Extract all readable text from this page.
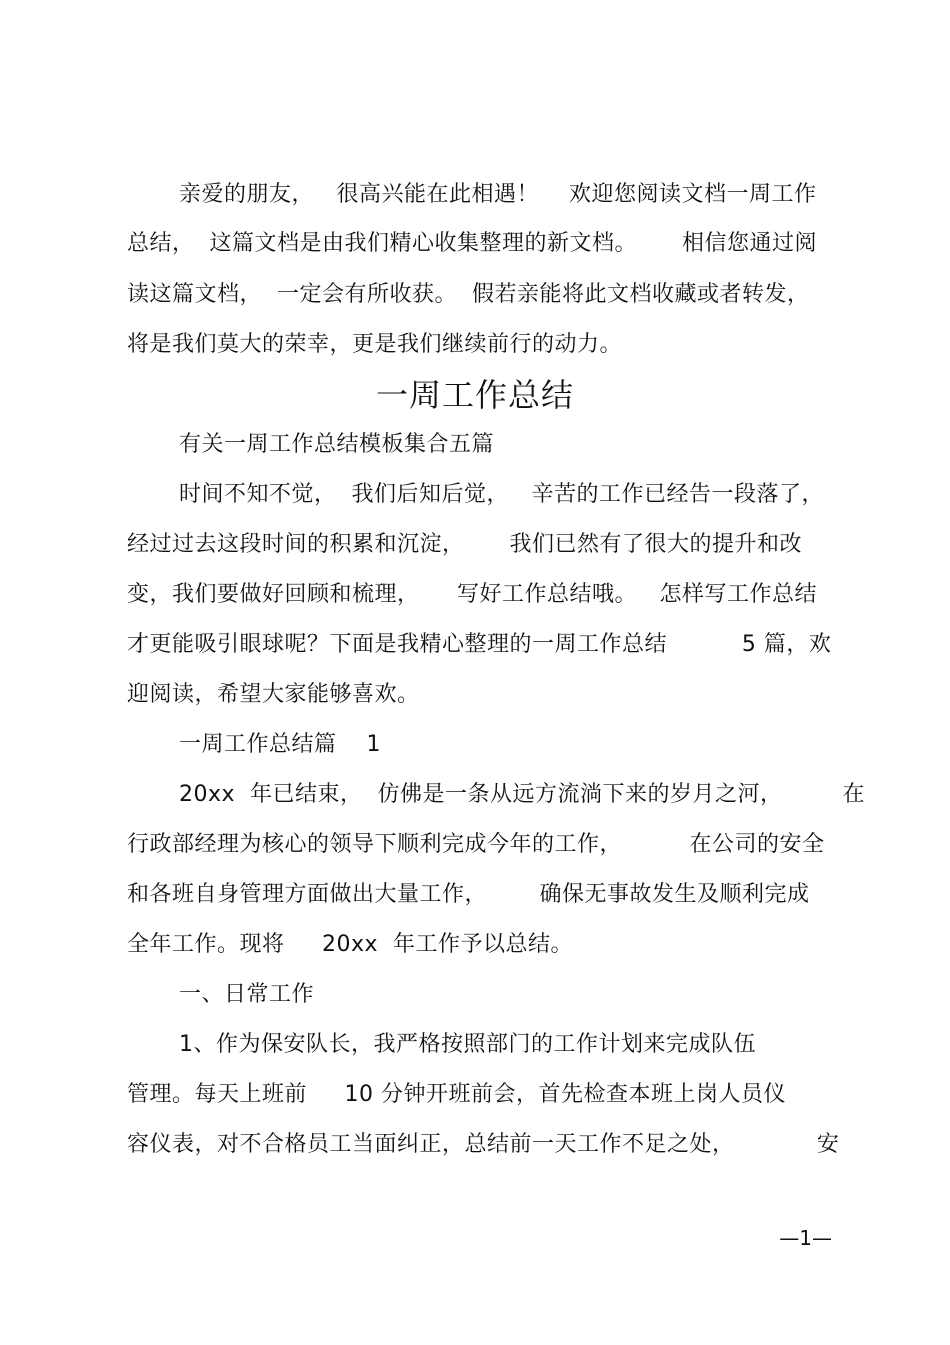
亲爱的朋友，   很高兴能在此相遇！    欢迎您阅读文档一周工作
总结，  这篇文档是由我们精心收集整理的新文档。      相信您通过阅
读这篇文档，  一定会有所收获。  假若亲能将此文档收藏或者转发，
将是我们莫大的荣幸，更是我们继续前行的动力。
一周工作总结
有关一周工作总结模板集合五篇
时间不知不觉，  我们后知后觉，   辛苦的工作已经告一段落了，
经过过去这段时间的积累和沉淀，      我们已然有了很大的提升和改
变，我们要做好回顾和梳理，     写好工作总结哦。   怎样写工作总结
才更能吸引眼球呢？下面是我精心整理的一周工作总结          5 篇，欢
迎阅读，希望大家能够喜欢。
一周工作总结篇    1
20xx  年已结束，  仿佛是一条从远方流淌下来的岁月之河，        在
行政部经理为核心的领导下顺利完成今年的工作，         在公司的安全
和各班自身管理方面做出大量工作，       确保无事故发生及顺利完成
全年工作。现将     20xx  年工作予以总结。
一、日常工作
1、作为保安队长，我严格按照部门的工作计划来完成队伍
管理。每天上班前     10 分钟开班前会，首先检查本班上岗人员仪
容仪表，对不合格员工当面纠正，总结前一天工作不足之处，           安
—1—
